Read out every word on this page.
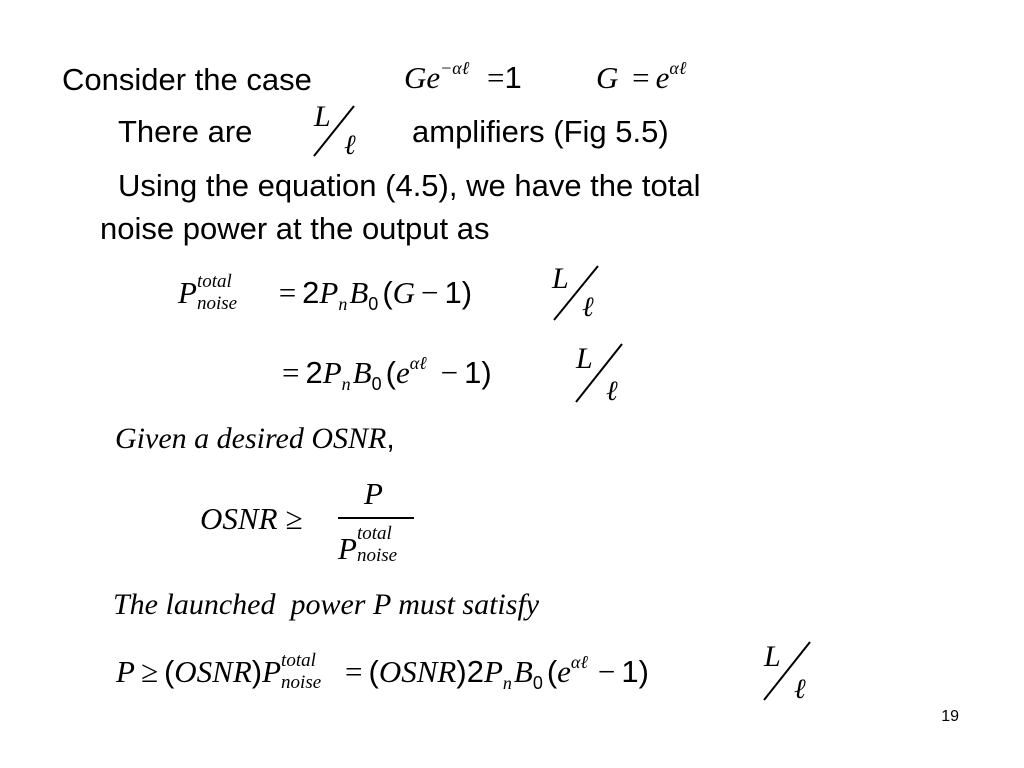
Consider the case	$Ge^{-\alpha\ell} =1$ $G = e^{\alpha\ell}$
There are L
ℓ amplifiers (Fig 5.5)
Using the equation (4.5), we have the total
noise power at the output as
P total
noise = $2P_nB_0$ (G − 1)	L
ℓ
= $2P_nB_0$ $(e^{\alpha\ell} - 1)$	L
ℓ
Given a desired OSNR,
OSNR ≥
P
P total
noise
The launched  power P must satisfy
P ≥ (OSNR)P total
noise = $(OSNR)2P_nB_0$ $(e^{\alpha\ell} - 1)$	L
ℓ
19
